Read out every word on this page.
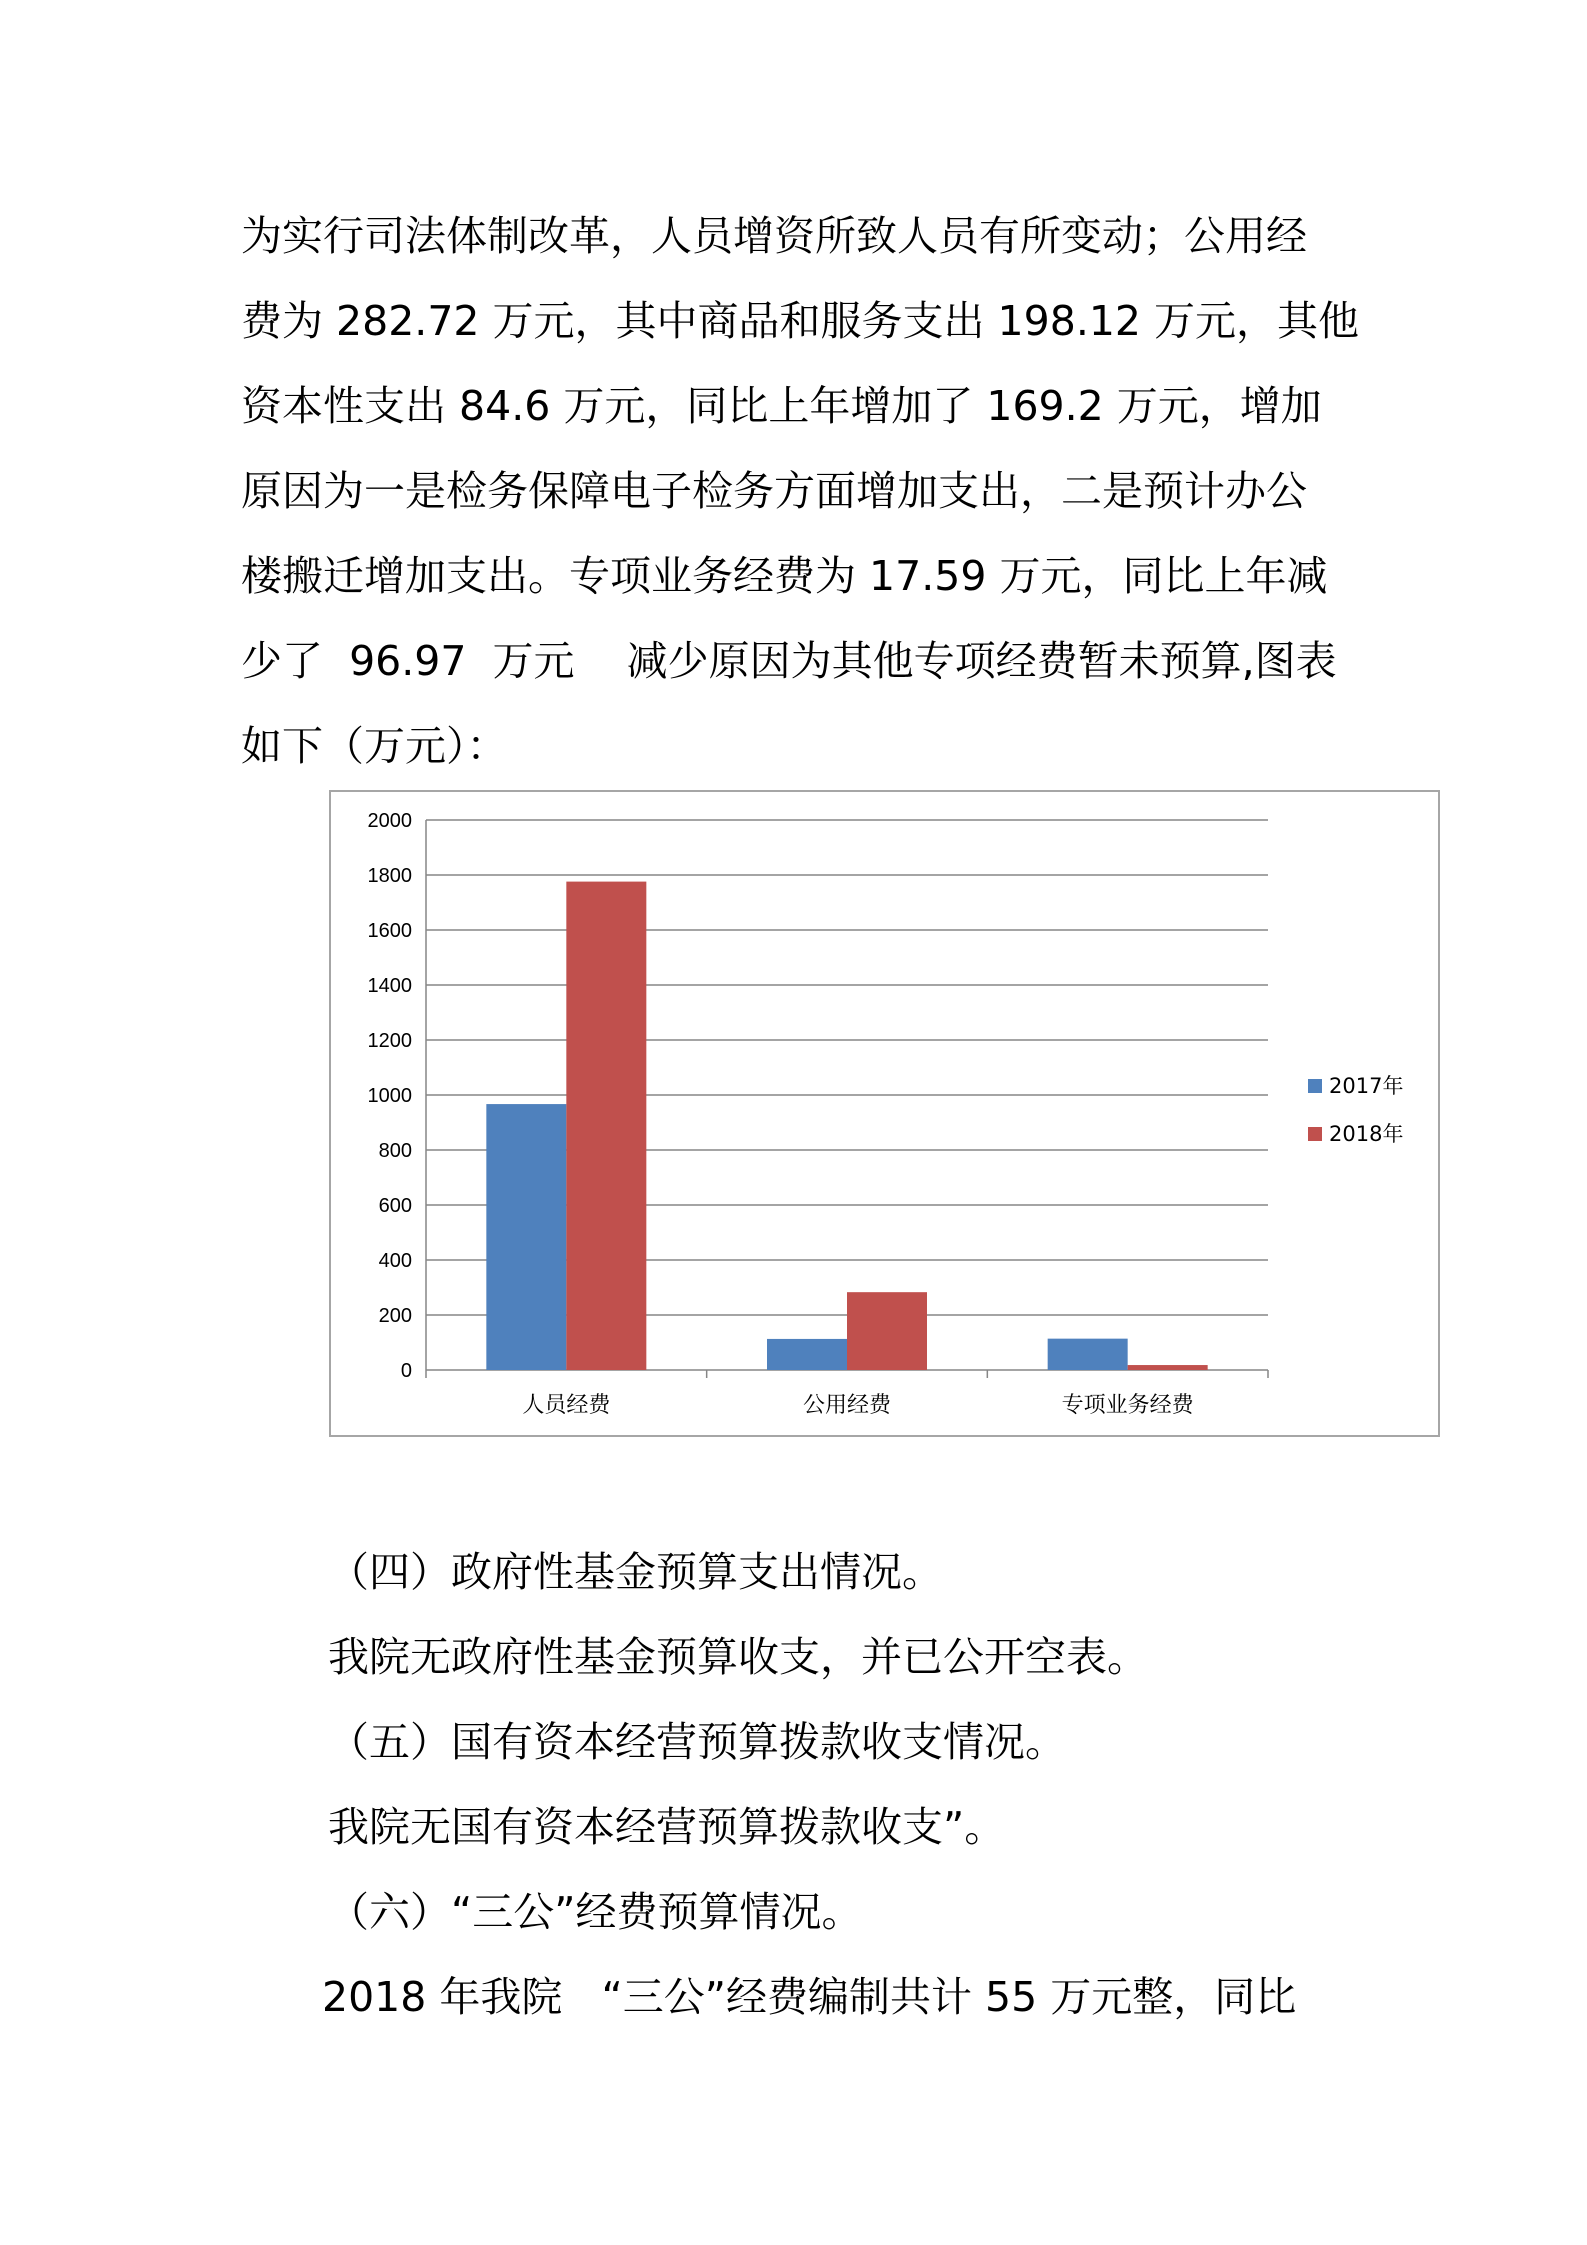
为实行司法体制改革，人员增资所致人员有所变动；公用经

费为 282.72 万元，其中商品和服务支出 198.12 万元，其他

资本性支出 84.6 万元，同比上年增加了 169.2 万元，增加

原因为一是检务保障电子检务方面增加支出，二是预计办公

楼搬迁增加支出。专项业务经费为 17.59 万元，同比上年减

少了  96.97  万元    减少原因为其他专项经费暂未预算,图表

如下（万元）：

0
200
400
600
800
1000
1200
1400
1600
1800
2000
人员经费	公用经费	专项业务经费
2017年
2018年

（四）政府性基金预算支出情况。

我院无政府性基金预算收支，并已公开空表。

（五）国有资本经营预算拨款收支情况。

我院无国有资本经营预算拨款收支”。

（六）“三公”经费预算情况。

2018 年我院   “三公”经费编制共计 55 万元整，同比
